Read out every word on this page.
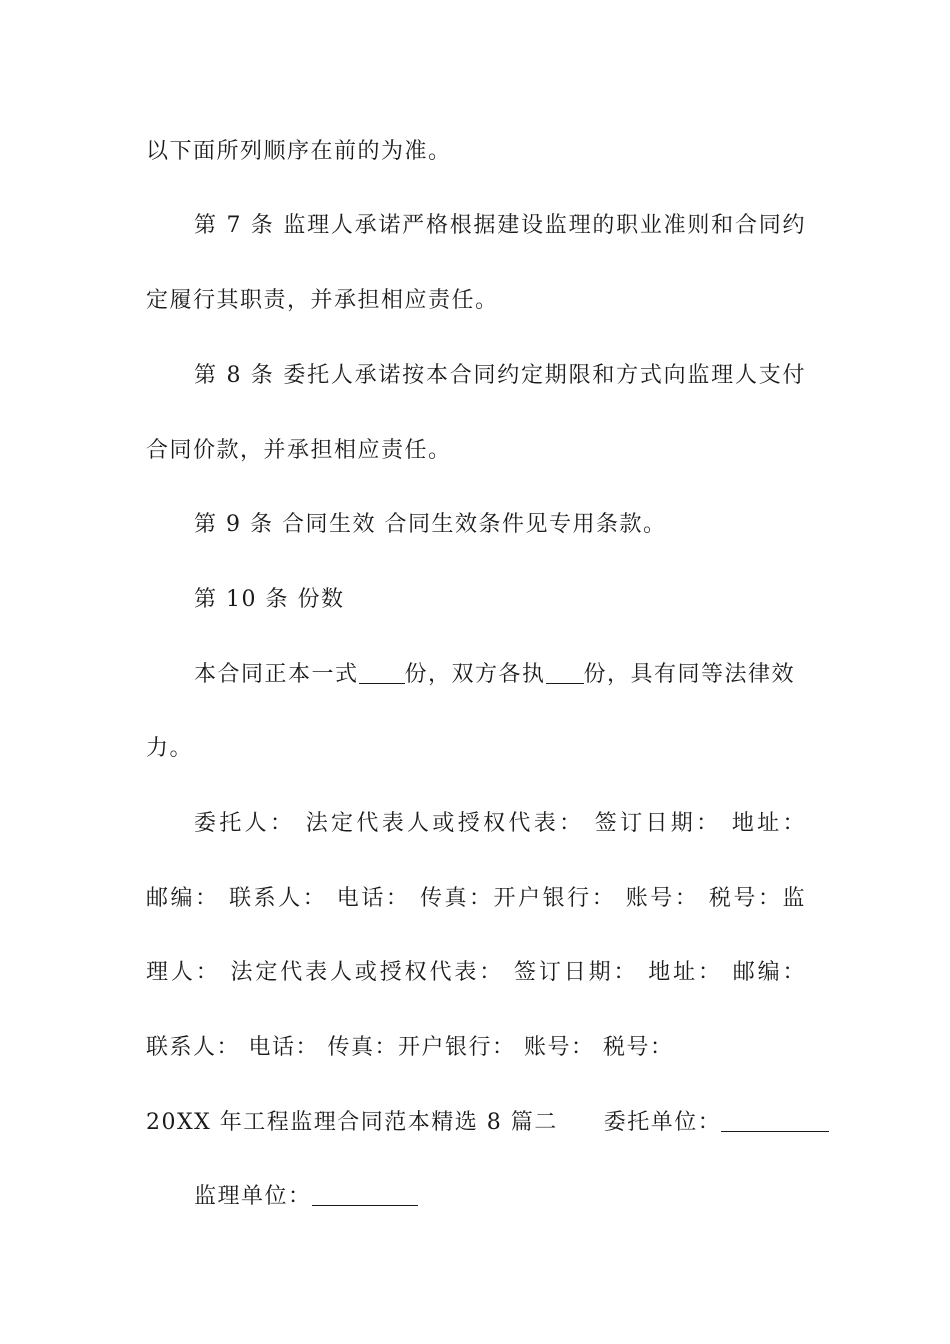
以下面所列顺序在前的为准。
第 7 条 监理人承诺严格根据建设监理的职业准则和合同约
定履行其职责，并承担相应责任。
第 8 条 委托人承诺按本合同约定期限和方式向监理人支付
合同价款，并承担相应责任。
第 9 条 合同生效 合同生效条件见专用条款。
第 10 条 份数
本合同正本一式 份，双方各执 份，具有同等法律效
力。
委托人： 法定代表人或授权代表： 签订日期： 地址：
邮编： 联系人： 电话： 传真：开户银行： 账号： 税号：监
理人： 法定代表人或授权代表： 签订日期： 地址： 邮编：
联系人： 电话： 传真：开户银行： 账号： 税号：
20XX 年工程监理合同范本精选 8 篇二 委托单位：
监理单位：
